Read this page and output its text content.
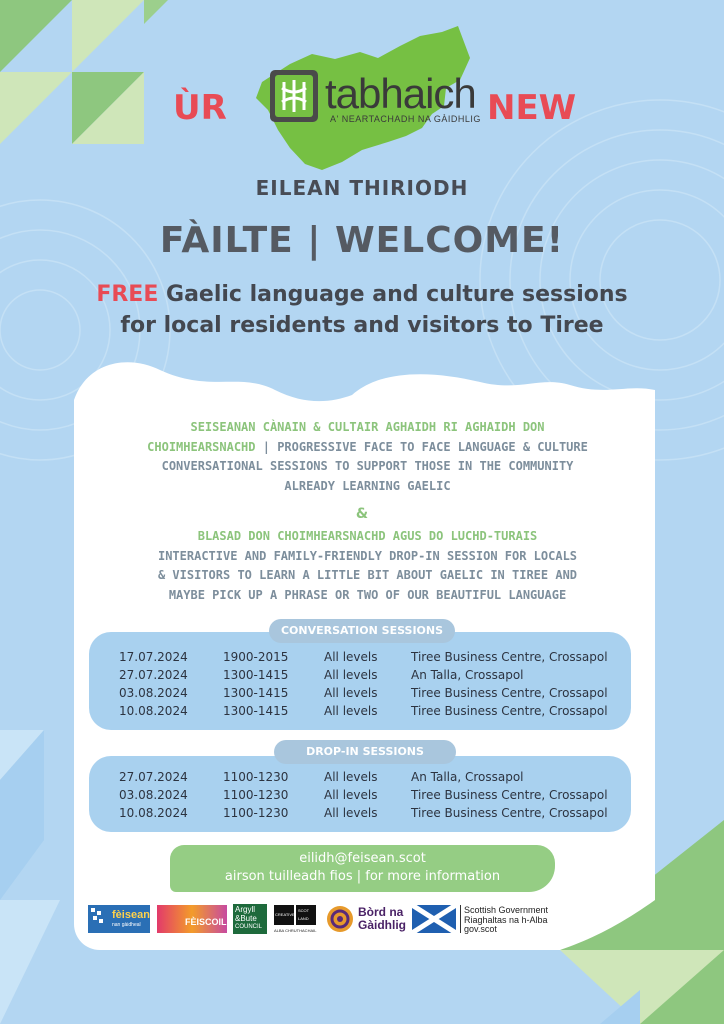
ÙR	NEW
tabhaich
A' NEARTACHADH NA GÀIDHLIG
EILEAN THIRIODH
FÀILTE | WELCOME!
FREE Gaelic language and culture sessions
for local residents and visitors to Tiree
SEISEANAN CÀNAIN & CULTAIR AGHAIDH RI AGHAIDH DON
CHOIMHEARSNACHD | PROGRESSIVE FACE TO FACE LANGUAGE & CULTURE
CONVERSATIONAL SESSIONS TO SUPPORT THOSE IN THE COMMUNITY
ALREADY LEARNING GAELIC
&
BLASAD DON CHOIMHEARSNACHD AGUS DO LUCHD-TURAIS
INTERACTIVE AND FAMILY-FRIENDLY DROP-IN SESSION FOR LOCALS
& VISITORS TO LEARN A LITTLE BIT ABOUT GAELIC IN TIREE AND
MAYBE PICK UP A PHRASE OR TWO OF OUR BEAUTIFUL LANGUAGE
17.07.2024	1900-2015	All levels	Tiree Business Centre, Crossapol
27.07.2024	1300-1415	All levels	An Talla, Crossapol
03.08.2024	1300-1415	All levels	Tiree Business Centre, Crossapol
10.08.2024	1300-1415	All levels	Tiree Business Centre, Crossapol
CONVERSATION SESSIONS
27.07.2024	1100-1230	All levels	An Talla, Crossapol
03.08.2024	1100-1230	All levels	Tiree Business Centre, Crossapol
10.08.2024	1100-1230	All levels	Tiree Business Centre, Crossapol
DROP-IN SESSIONS
eilidh@feisean.scot
airson tuilleadh fios | for more information
fèisean
nan gàidheal	FÈISCOIL
Argyll
&Bute
COUNCIL
CREATIVE
SCOT
LAND
ALBA CHRUTHACHAIL
Bòrd na
Gàidhlig
Scottish Government
Riaghaltas na h-Alba
gov.scot
